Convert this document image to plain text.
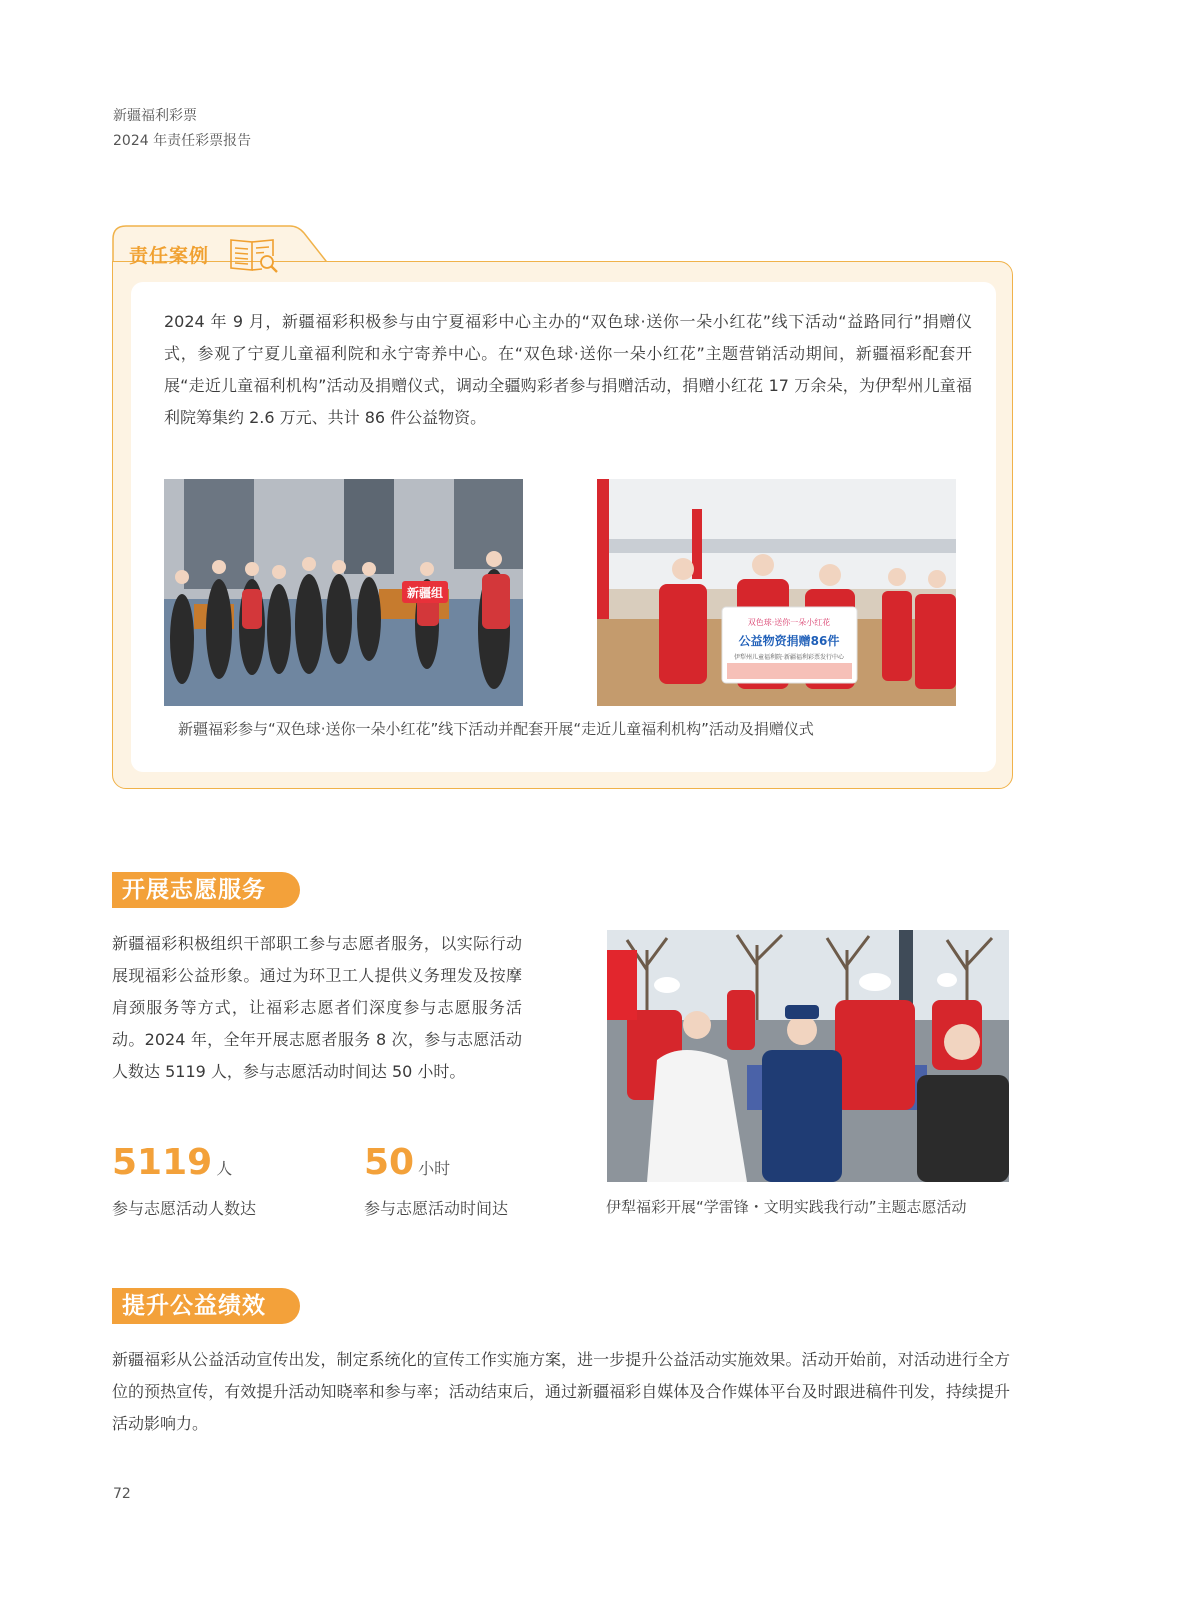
新疆福利彩票
2024 年责任彩票报告
责任案例
2024 年 9 月，新疆福彩积极参与由宁夏福彩中心主办的“双色球·送你一朵小红花”线下活动“益路同行”捐赠仪式，参观了宁夏儿童福利院和永宁寄养中心。在“双色球·送你一朵小红花”主题营销活动期间，新疆福彩配套开展“走近儿童福利机构”活动及捐赠仪式，调动全疆购彩者参与捐赠活动，捐赠小红花 17 万余朵，为伊犁州儿童福利院筹集约 2.6 万元、共计 86 件公益物资。
新疆组
双色球·送你一朵小红花
公益物资捐赠86件
伊犁州儿童福利院·新疆福利彩票发行中心
新疆福彩参与“双色球·送你一朵小红花”线下活动并配套开展“走近儿童福利机构”活动及捐赠仪式
开展志愿服务
新疆福彩积极组织干部职工参与志愿者服务，以实际行动展现福彩公益形象。通过为环卫工人提供义务理发及按摩肩颈服务等方式，让福彩志愿者们深度参与志愿服务活动。2024 年，全年开展志愿者服务 8 次，参与志愿活动人数达 5119 人，参与志愿活动时间达 50 小时。
5119 人
参与志愿活动人数达
50 小时
参与志愿活动时间达	伊犁福彩开展“学雷锋・文明实践我行动”主题志愿活动
提升公益绩效
新疆福彩从公益活动宣传出发，制定系统化的宣传工作实施方案，进一步提升公益活动实施效果。活动开始前，对活动进行全方位的预热宣传，有效提升活动知晓率和参与率；活动结束后，通过新疆福彩自媒体及合作媒体平台及时跟进稿件刊发，持续提升活动影响力。
72
